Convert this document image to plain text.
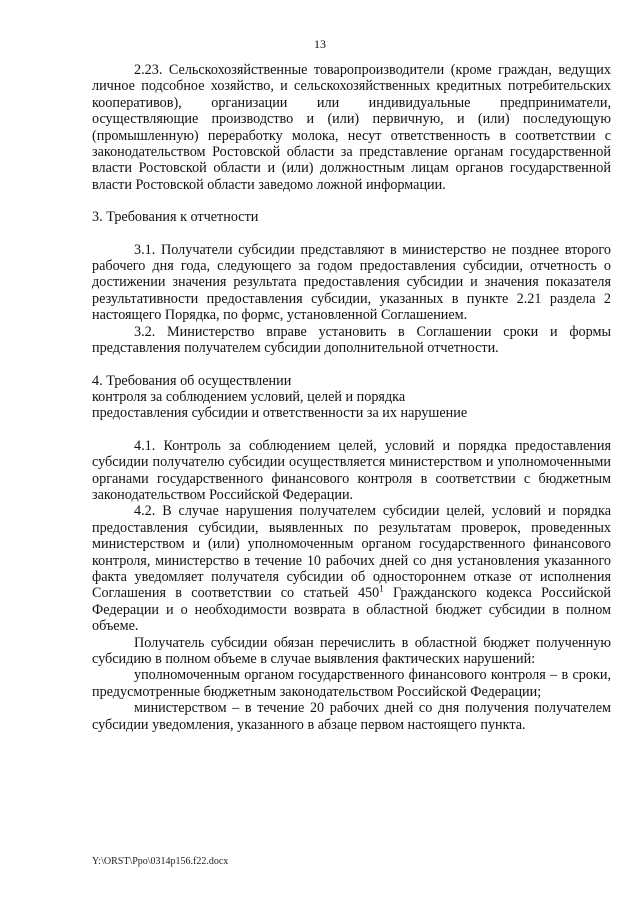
13

2.23. Сельскохозяйственные товаропроизводители (кроме граждан, ведущих личное подсобное хозяйство, и сельскохозяйственных кредитных потребительских кооперативов), организации или индивидуальные предприниматели, осуществляющие производство и (или) первичную, и (или) последующую (промышленную) переработку молока, несут ответственность в соответствии с законодательством Ростовской области за представление органам государственной власти Ростовской области и (или) должностным лицам органов государственной власти Ростовской области заведомо ложной информации.

3. Требования к отчетности

3.1. Получатели субсидии представляют в министерство не позднее второго рабочего дня года, следующего за годом предоставления субсидии, отчетность о достижении значения результата предоставления субсидии и значения показателя результативности предоставления субсидии, указанных в пункте 2.21 раздела 2 настоящего Порядка, по формс, установленной Соглашением.

3.2. Министерство вправе установить в Соглашении сроки и формы представления получателем субсидии дополнительной отчетности.

4. Требования об осуществлении

контроля за соблюдением условий, целей и порядка

предоставления субсидии и ответственности за их нарушение

4.1. Контроль за соблюдением целей, условий и порядка предоставления субсидии получателю субсидии осуществляется министерством и уполномоченными органами государственного финансового контроля в соответствии с бюджетным законодательством Российской Федерации.

4.2. В случае нарушения получателем субсидии целей, условий и порядка предоставления субсидии, выявленных по результатам проверок, проведенных министерством и (или) уполномоченным органом государственного финансового контроля, министерство в течение 10 рабочих дней со дня установления указанного факта уведомляет получателя субсидии об одностороннем отказе от исполнения Соглашения в соответствии со статьей $450^1$ Гражданского кодекса Российской Федерации и о необходимости возврата в областной бюджет субсидии в полном объеме.

Получатель субсидии обязан перечислить в областной бюджет полученную субсидию в полном объеме в случае выявления фактических нарушений:

уполномоченным органом государственного финансового контроля – в сроки, предусмотренные бюджетным законодательством Российской Федерации;

министерством – в течение 20 рабочих дней со дня получения получателем субсидии уведомления, указанного в абзаце первом настоящего пункта.

Y:\ORST\Ppo\0314p156.f22.docx
